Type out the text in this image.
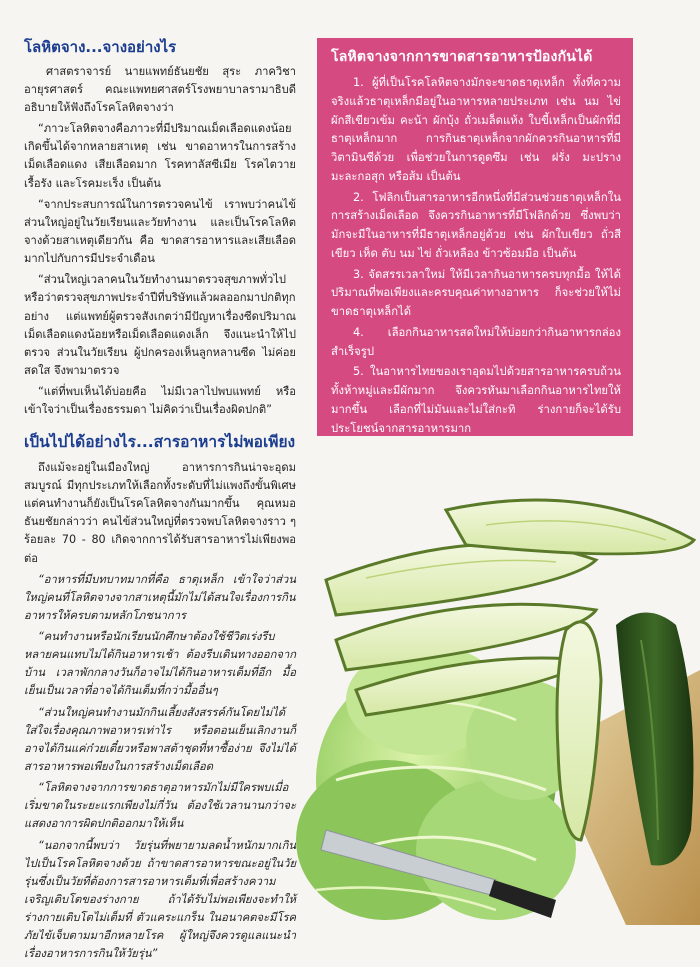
โลหิตจาง...จางอย่างไร

ศาสตราจารย์ นายแพทย์ธันยชัย สุระ ภาควิชาอายุรศาสตร์ คณะแพทยศาสตร์โรงพยาบาลรามาธิบดี อธิบายให้ฟังถึงโรคโลหิตจางว่า

“ภาวะโลหิตจางคือภาวะที่มีปริมาณเม็ดเลือดแดงน้อยเกิดขึ้นได้จากหลายสาเหตุ เช่น ขาดอาหารในการสร้างเม็ดเลือดแดง เสียเลือดมาก โรคทาลัสซีเมีย โรคไตวายเรื้อรัง และโรคมะเร็ง เป็นต้น

“จากประสบการณ์ในการตรวจคนไข้ เราพบว่าคนไข้ส่วนใหญ่อยู่ในวัยเรียนและวัยทำงาน และเป็นโรคโลหิตจางด้วยสาเหตุเดียวกัน คือ ขาดสารอาหารและเสียเลือดมากไปกับการมีประจำเดือน

“ส่วนใหญ่เวลาคนในวัยทำงานมาตรวจสุขภาพทั่วไปหรือว่าตรวจสุขภาพประจำปีที่บริษัทแล้วผลออกมาปกติทุกอย่าง แต่แพทย์ผู้ตรวจสังเกตว่ามีปัญหาเรื่องซีดปริมาณเม็ดเลือดแดงน้อยหรือเม็ดเลือดแดงเล็ก จึงแนะนำให้ไปตรวจ ส่วนในวัยเรียน ผู้ปกครองเห็นลูกหลานซีด ไม่ค่อยสดใส จึงพามาตรวจ

“แต่ที่พบเห็นได้บ่อยคือ ไม่มีเวลาไปพบแพทย์ หรือเข้าใจว่าเป็นเรื่องธรรมดา ไม่คิดว่าเป็นเรื่องผิดปกติ”

เป็นไปได้อย่างไร...สารอาหารไม่พอเพียง

ถึงแม้จะอยู่ในเมืองใหญ่ อาหารการกินน่าจะอุดมสมบูรณ์ มีทุกประเภทให้เลือกทั้งระดับที่ไม่แพงถึงขั้นพิเศษแต่คนทำงานก็ยังเป็นโรคโลหิตจางกันมากขึ้น คุณหมอธันยชัยกล่าวว่า คนไข้ส่วนใหญ่ที่ตรวจพบโลหิตจางราว ๆ ร้อยละ 70 - 80 เกิดจากการได้รับสารอาหารไม่เพียงพอต่อ

“อาหารที่มีบทบาทมากที่คือ ธาตุเหล็ก เข้าใจว่าส่วนใหญ่คนที่โลหิตจางจากสาเหตุนี้มักไม่ได้สนใจเรื่องการกินอาหารให้ครบตามหลักโภชนาการ

“คนทำงานหรือนักเรียนนักศึกษาต้องใช้ชีวิตเร่งรีบหลายคนแทบไม่ได้กินอาหารเช้า ต้องรีบเดินทางออกจากบ้าน เวลาพักกลางวันก็อาจไม่ได้กินอาหารเต็มที่อีก มื้อเย็นเป็นเวลาที่อาจได้กินเต็มที่กว่ามื้ออื่นๆ

“ส่วนใหญ่คนทำงานมักกินเลี้ยงสังสรรค์กันโดยไม่ได้ใส่ใจเรื่องคุณภาพอาหารเท่าไร หรือตอนเย็นเลิกงานก็อาจได้กินแค่ก๋วยเตี๋ยวหรือพาสต้าชุดที่หาซื้อง่าย จึงไม่ได้สารอาหารพอเพียงในการสร้างเม็ดเลือด

“โลหิตจางจากการขาดธาตุอาหารมักไม่มีใครพบเมื่อเริ่มขาดในระยะแรกเพียงไม่กี่วัน ต้องใช้เวลานานกว่าจะแสดงอาการผิดปกติออกมาให้เห็น

“นอกจากนี้พบว่า วัยรุ่นที่พยายามลดน้ำหนักมากเกินไปเป็นโรคโลหิตจางด้วย ถ้าขาดสารอาหารขณะอยู่ในวัยรุ่นซึ่งเป็นวัยที่ต้องการสารอาหารเต็มที่เพื่อสร้างความเจริญเติบโตของร่างกาย ถ้าได้รับไม่พอเพียงจะทำให้ร่างกายเติบโตไม่เต็มที่ ตัวแคระแกร็น ในอนาคตจะมีโรคภัยไข้เจ็บตามมาอีกหลายโรค ผู้ใหญ่จึงควรดูแลแนะนำเรื่องอาหารการกินให้วัยรุ่น”

โลหิตจางจากการขาดสารอาหารป้องกันได้

1. ผู้ที่เป็นโรคโลหิตจางมักจะขาดธาตุเหล็ก ทั้งที่ความจริงแล้วธาตุเหล็กมีอยู่ในอาหารหลายประเภท เช่น นม ไข่ ผักสีเขียวเข้ม คะน้า ผักบุ้ง ถั่วเมล็ดแห้ง ใบขี้เหล็กเป็นผักที่มีธาตุเหล็กมาก การกินธาตุเหล็กจากผักควรกินอาหารที่มีวิตามินซีด้วย เพื่อช่วยในการดูดซึม เช่น ฝรั่ง มะปราง มะละกอสุก หรือส้ม เป็นต้น

2. โฟลิกเป็นสารอาหารอีกหนึ่งที่มีส่วนช่วยธาตุเหล็กในการสร้างเม็ดเลือด จึงควรกินอาหารที่มีโฟลิกด้วย ซึ่งพบว่ามักจะมีในอาหารที่มีธาตุเหล็กอยู่ด้วย เช่น ผักใบเขียว ถั่วสีเขียว เห็ด ตับ นม ไข่ ถั่วเหลือง ข้าวซ้อมมือ เป็นต้น

3. จัดสรรเวลาใหม่ ให้มีเวลากินอาหารครบทุกมื้อ ให้ได้ปริมาณที่พอเพียงและครบคุณค่าทางอาหาร ก็จะช่วยให้ไม่ขาดธาตุเหล็กได้

4. เลือกกินอาหารสดใหม่ให้บ่อยกว่ากินอาหารกล่องสำเร็จรูป

5. ในอาหารไทยของเราอุดมไปด้วยสารอาหารครบถ้วนทั้งห้าหมู่และมีผักมาก จึงควรหันมาเลือกกินอาหารไทยให้มากขึ้น เลือกที่ไม่มันและไม่ใส่กะทิ ร่างกายก็จะได้รับประโยชน์จากสารอาหารมาก
